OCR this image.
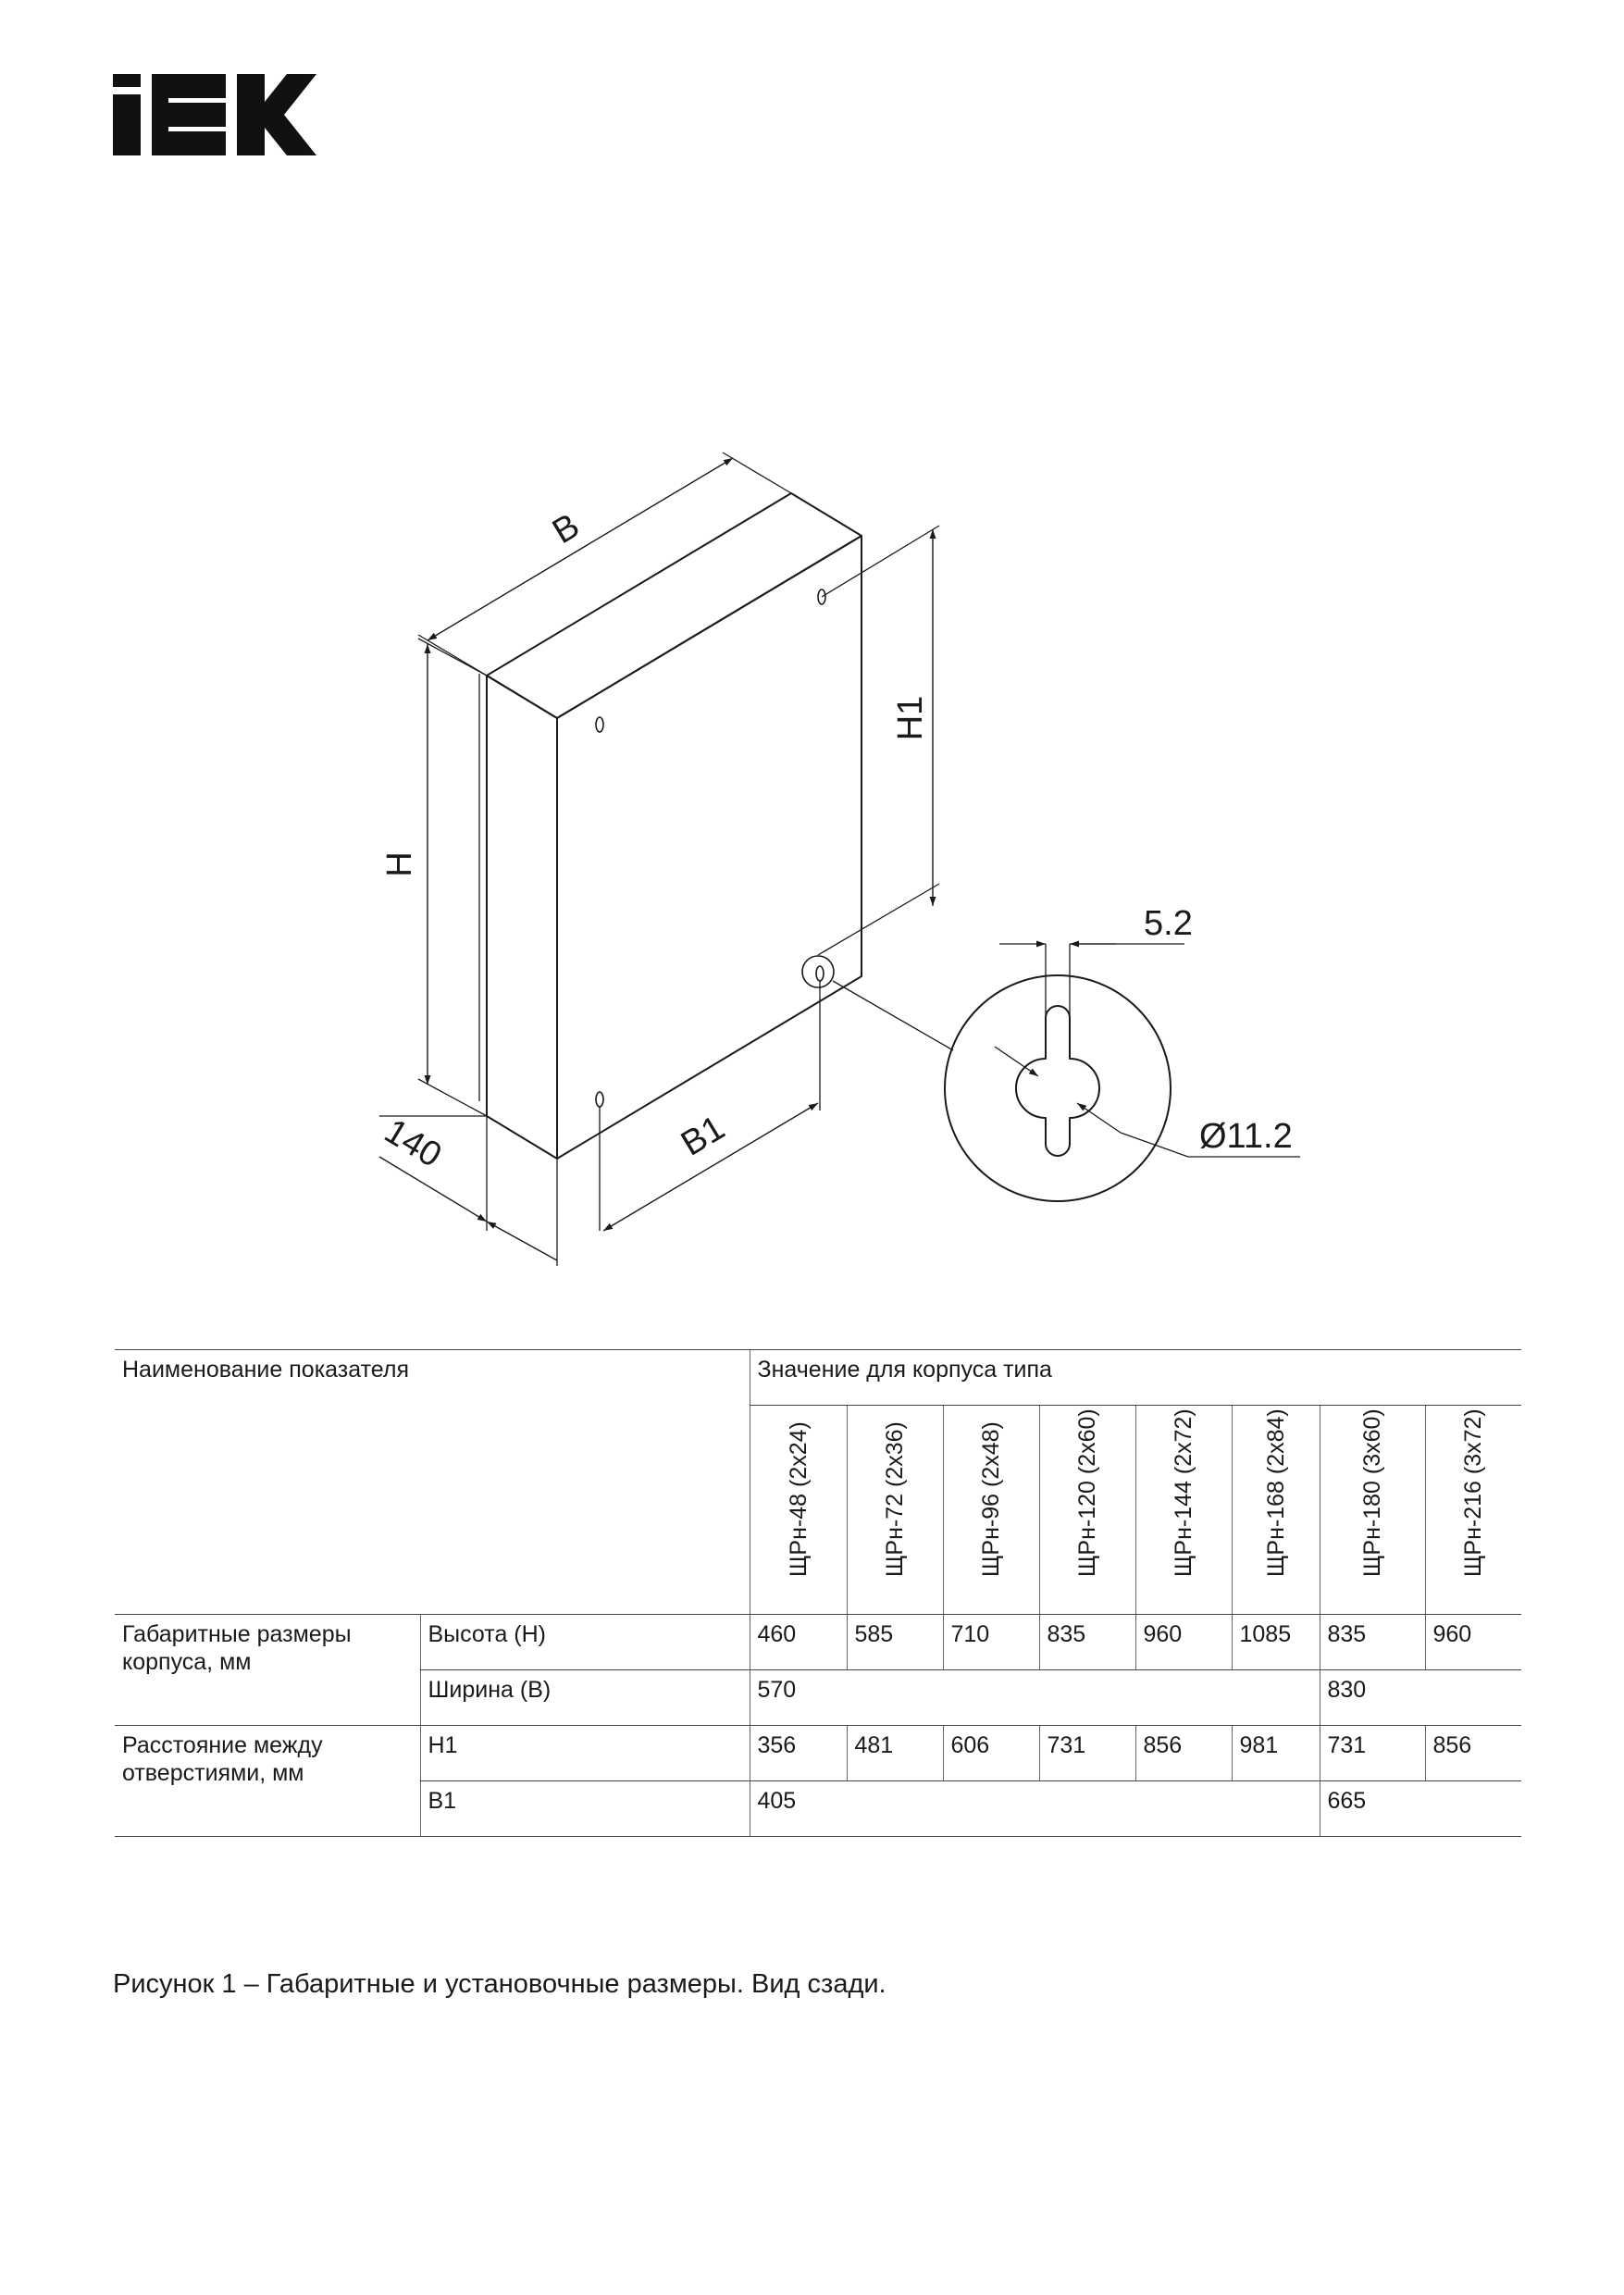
B
H
H1
B1
140
5.2
Ø11.2
Наименование показателя		Значение для корпуса типа							

		ЩРн-48 (2х24)	ЩРн-72 (2х36)	ЩРн-96 (2х48)	ЩРн-120 (2х60)	ЩРн-144 (2х72)	ЩРн-168 (2х84)	ЩРн-180 (3х60)	ЩРн-216 (3х72)

Габаритные размеры корпуса, мм	Высота (H)	460	585	710	835	960	1085	835	960
	Ширина (B)	570						830	
Расстояние между отверстиями, мм	H1	356	481	606	731	856	981	731	856
	B1	405						665	
Рисунок 1 – Габаритные и установочные размеры. Вид сзади.
